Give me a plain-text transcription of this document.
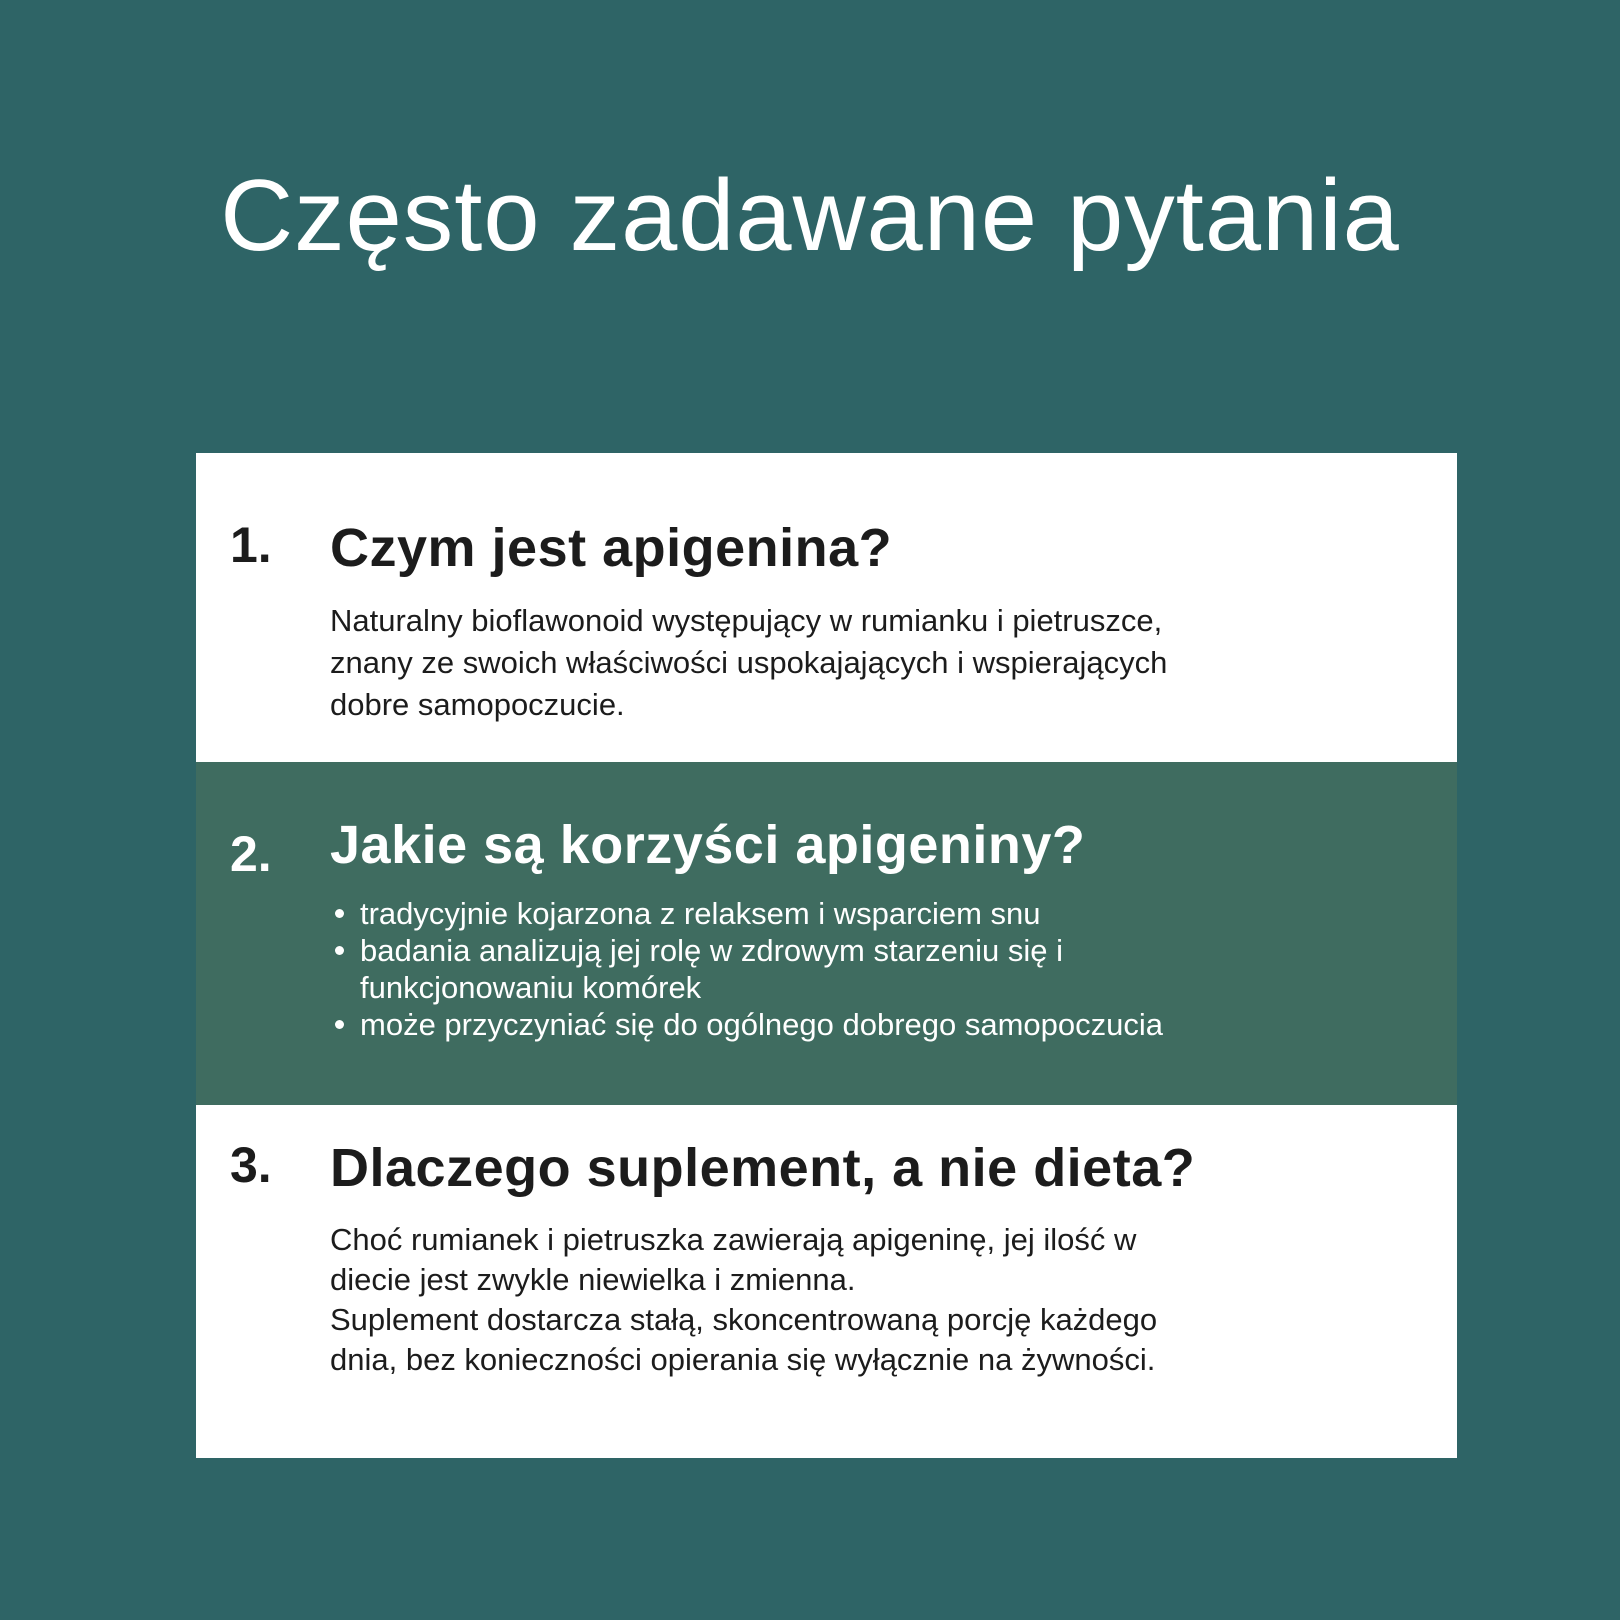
Często zadawane pytania
1.	Czym jest apigenina?
Naturalny bioflawonoid występujący w rumianku i pietruszce,
znany ze swoich właściwości uspokajających i wspierających
dobre samopoczucie.
2.	Jakie są korzyści apigeniny?
tradycyjnie kojarzona z relaksem i wsparciem snu
badania analizują jej rolę w zdrowym starzeniu się i
funkcjonowaniu komórek
może przyczyniać się do ogólnego dobrego samopoczucia
3.	Dlaczego suplement, a nie dieta?
Choć rumianek i pietruszka zawierają apigeninę, jej ilość w
diecie jest zwykle niewielka i zmienna.
Suplement dostarcza stałą, skoncentrowaną porcję każdego
dnia, bez konieczności opierania się wyłącznie na żywności.
